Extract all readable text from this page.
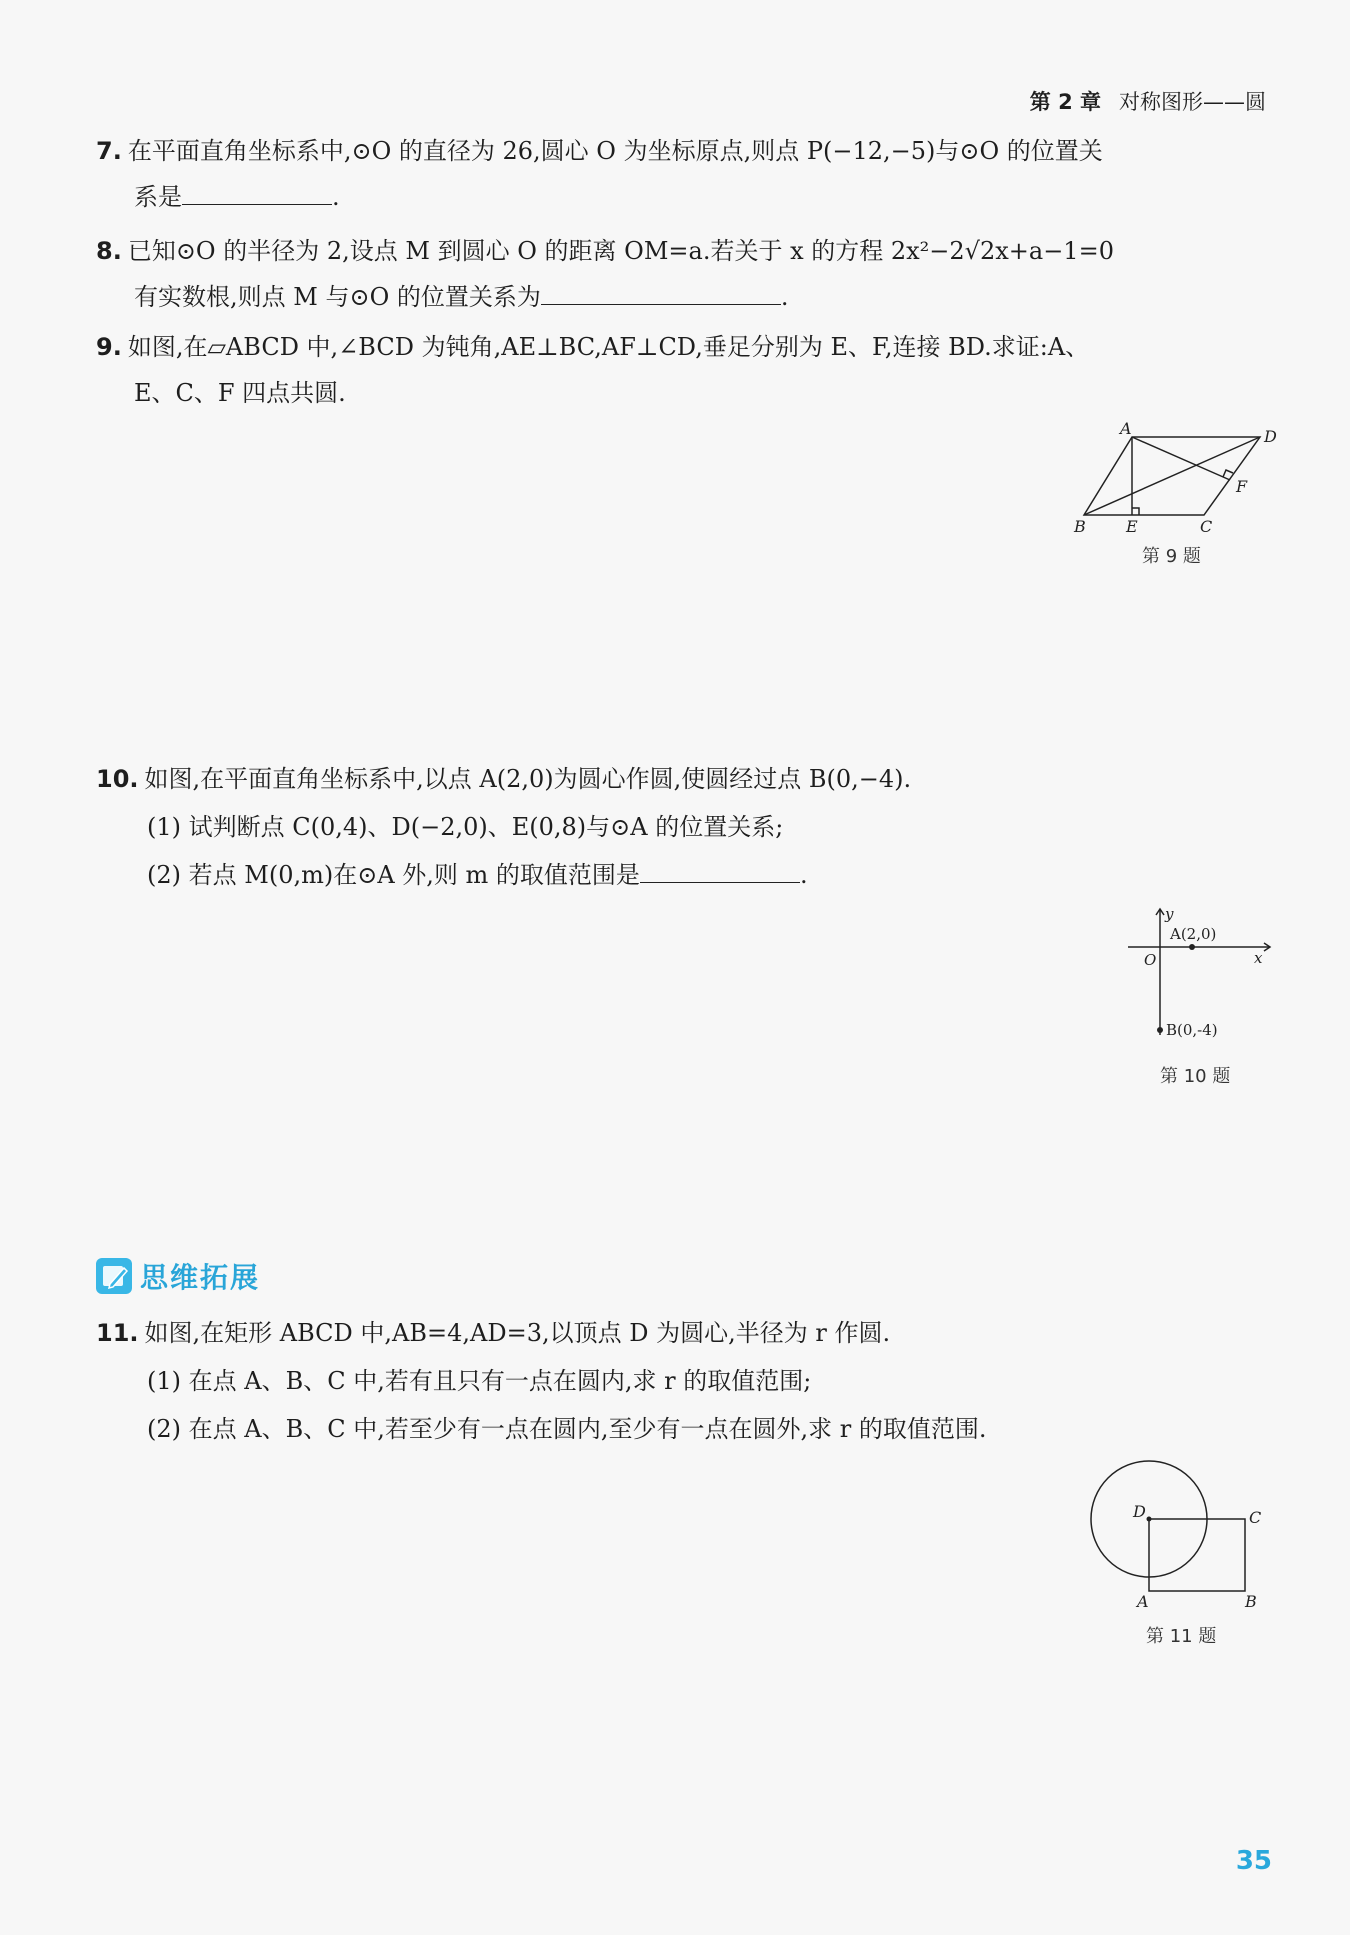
第 2 章 对称图形——圆
7. 在平面直角坐标系中,⊙O 的直径为 26,圆心 O 为坐标原点,则点 P(−12,−5)与⊙O 的位置关
系是	.
8. 已知⊙O 的半径为 2,设点 M 到圆心 O 的距离 OM=a.若关于 x 的方程 2x²−2√2x+a−1=0
有实数根,则点 M 与⊙O 的位置关系为	.
9. 如图,在▱ABCD 中,∠BCD 为钝角,AE⊥BC,AF⊥CD,垂足分别为 E、F,连接 BD.求证:A、
E、C、F 四点共圆.
A	D
B	E	C
F
第 9 题
10. 如图,在平面直角坐标系中,以点 A(2,0)为圆心作圆,使圆经过点 B(0,−4).
(1) 试判断点 C(0,4)、D(−2,0)、E(0,8)与⊙A 的位置关系;
(2) 若点 M(0,m)在⊙A 外,则 m 的取值范围是	.
y
x
O
A(2,0)
B(0,-4)
第 10 题
思维拓展
11. 如图,在矩形 ABCD 中,AB=4,AD=3,以顶点 D 为圆心,半径为 r 作圆.
(1) 在点 A、B、C 中,若有且只有一点在圆内,求 r 的取值范围;
(2) 在点 A、B、C 中,若至少有一点在圆内,至少有一点在圆外,求 r 的取值范围.
D	C
A	B
第 11 题
35
